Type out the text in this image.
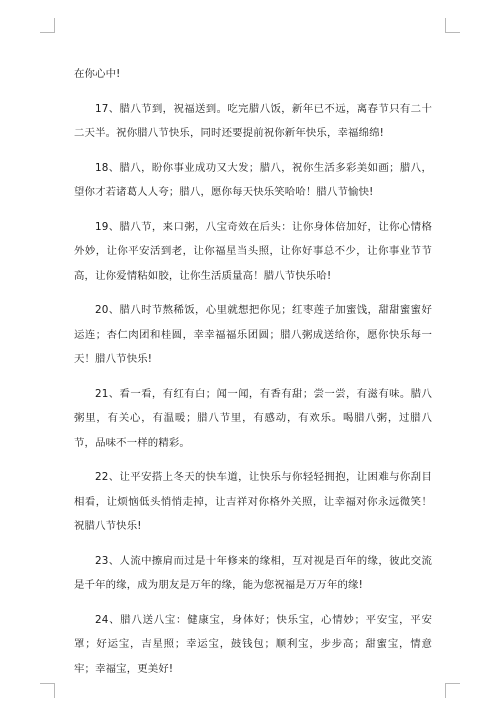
在你心中!

17、腊八节到，祝福送到。吃完腊八饭，新年已不远，离春节只有二十二天半。祝你腊八节快乐，同时还要提前祝你新年快乐，幸福绵绵!

18、腊八，盼你事业成功又大发；腊八，祝你生活多彩美如画；腊八，望你才若诸葛人人夸；腊八，愿你每天快乐笑哈哈！腊八节愉快!

19、腊八节，来口粥，八宝奇效在后头：让你身体倍加好，让你心情格外妙，让你平安活到老，让你福星当头照，让你好事总不少，让你事业节节高，让你爱情粘如胶，让你生活质量高！腊八节快乐哈!

20、腊八时节熬稀饭，心里就想把你见；红枣莲子加蜜饯，甜甜蜜蜜好运连；杏仁肉团和桂圆，幸幸福福乐团圆；腊八粥成送给你，愿你快乐每一天！腊八节快乐!

21、看一看，有红有白；闻一闻，有香有甜；尝一尝，有滋有味。腊八粥里，有关心，有温暖；腊八节里，有感动，有欢乐。喝腊八粥，过腊八节，品味不一样的精彩。

22、让平安搭上冬天的快车道，让快乐与你轻轻拥抱，让困难与你刮目相看，让烦恼低头悄悄走掉，让吉祥对你格外关照，让幸福对你永远微笑！祝腊八节快乐!

23、人流中擦肩而过是十年修来的缘相，互对视是百年的缘，彼此交流是千年的缘，成为朋友是万年的缘，能为您祝福是万万年的缘!

24、腊八送八宝：健康宝，身体好；快乐宝，心情妙；平安宝，平安罩；好运宝，吉星照；幸运宝，鼓钱包；顺利宝，步步高；甜蜜宝，情意牢；幸福宝，更美好!
